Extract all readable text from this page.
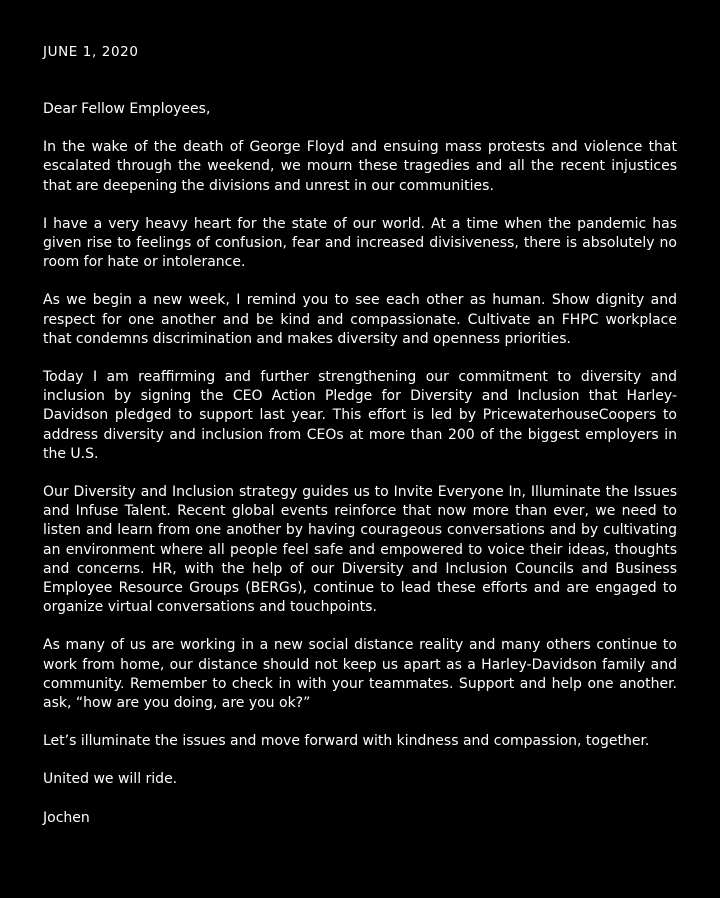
JUNE 1, 2020
Dear Fellow Employees,

In the wake of the death of George Floyd and ensuing mass protests and violence that escalated through the weekend, we mourn these tragedies and all the recent injustices that are deepening the divisions and unrest in our communities.

I have a very heavy heart for the state of our world. At a time when the pandemic has given rise to feelings of confusion, fear and increased divisiveness, there is absolutely no room for hate or intolerance.

As we begin a new week, I remind you to see each other as human. Show dignity and respect for one another and be kind and compassionate. Cultivate an FHPC workplace that condemns discrimination and makes diversity and openness priorities.

Today I am reaffirming and further strengthening our commitment to diversity and inclusion by signing the CEO Action Pledge for Diversity and Inclusion that Harley-Davidson pledged to support last year. This effort is led by PricewaterhouseCoopers to address diversity and inclusion from CEOs at more than 200 of the biggest employers in the U.S.

Our Diversity and Inclusion strategy guides us to Invite Everyone In, Illuminate the Issues and Infuse Talent. Recent global events reinforce that now more than ever, we need to listen and learn from one another by having courageous conversations and by cultivating an environment where all people feel safe and empowered to voice their ideas, thoughts and concerns. HR, with the help of our Diversity and Inclusion Councils and Business Employee Resource Groups (BERGs), continue to lead these efforts and are engaged to organize virtual conversations and touchpoints.

As many of us are working in a new social distance reality and many others continue to work from home, our distance should not keep us apart as a Harley-Davidson family and community. Remember to check in with your teammates. Support and help one another. ask, “how are you doing, are you ok?”

Let’s illuminate the issues and move forward with kindness and compassion, together.

United we will ride.
Jochen
